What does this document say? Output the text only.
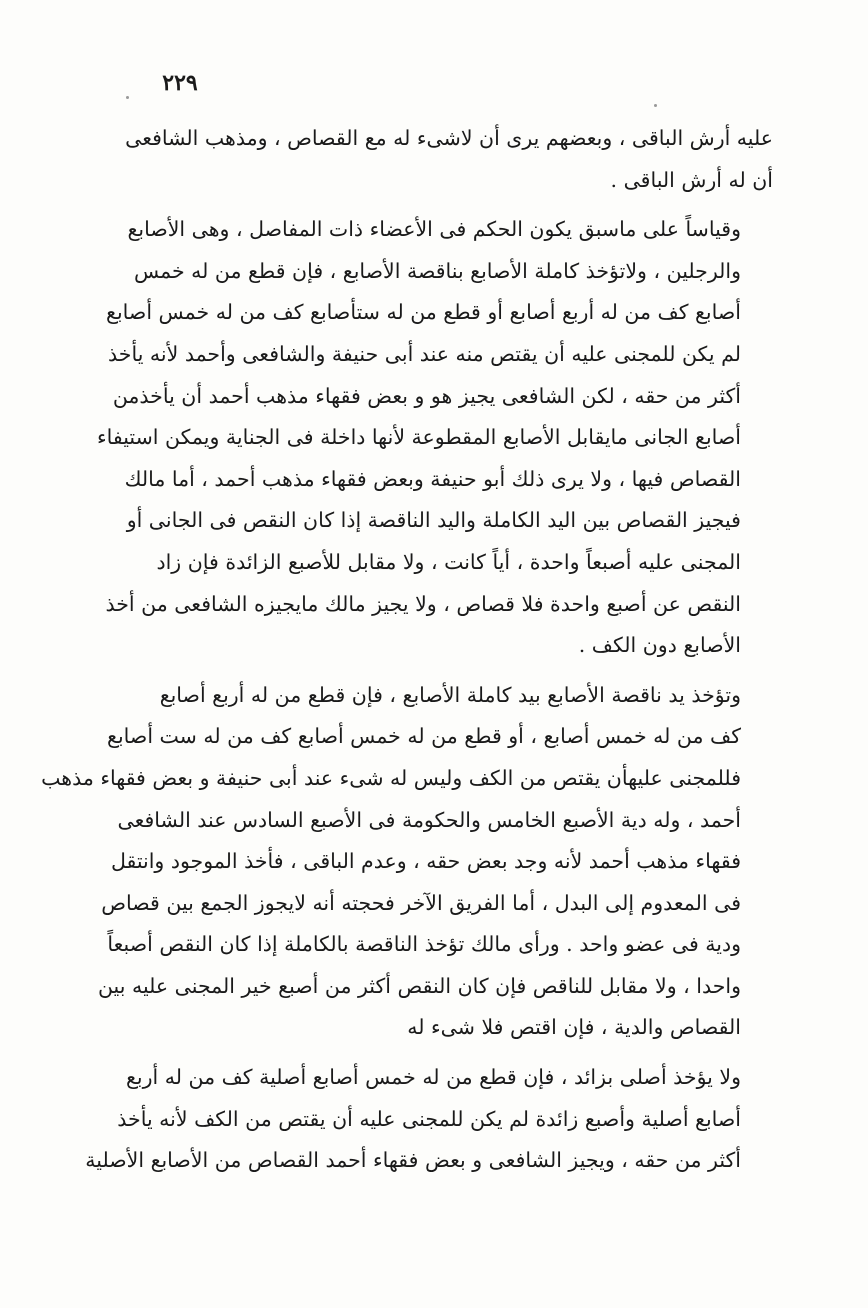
٢٢٩

عليه أرش الباقى ، وبعضهم يرى أن لاشىء له مع القصاص ، ومذهب الشافعى
أن له أرش الباقى .

وقياساً على ماسبق يكون الحكم فى الأعضاء ذات المفاصل ، وهى الأصابع
والرجلين ، ولاتؤخذ كاملة الأصابع بناقصة الأصابع ، فإن قطع من له خمس
أصابع كف من له أربع أصابع أو قطع من له ستأصابع كف من له خمس أصابع
لم يكن للمجنى عليه أن يقتص منه عند أبى حنيفة والشافعى وأحمد لأنه يأخذ
أكثر من حقه ، لكن الشافعى يجيز هو و بعض فقهاء مذهب أحمد أن يأخذمن
أصابع الجانى مايقابل الأصابع المقطوعة لأنها داخلة فى الجناية ويمكن استيفاء
القصاص فيها ، ولا يرى ذلك أبو حنيفة وبعض فقهاء مذهب أحمد ، أما مالك
فيجيز القصاص بين اليد الكاملة واليد الناقصة إذا كان النقص فى الجانى أو
المجنى عليه أصبعاً واحدة ، أياً كانت ، ولا مقابل للأصبع الزائدة فإن زاد
النقص عن أصبع واحدة فلا قصاص ، ولا يجيز مالك مايجيزه الشافعى من أخذ
الأصابع دون الكف .

وتؤخذ يد ناقصة الأصابع بيد كاملة الأصابع ، فإن قطع من له أربع أصابع
كف من له خمس أصابع ، أو قطع من له خمس أصابع كف من له ست أصابع
فللمجنى عليهأن يقتص من الكف وليس له شىء عند أبى حنيفة و بعض فقهاء مذهب
أحمد ، وله دية الأصبع الخامس والحكومة فى الأصبع السادس عند الشافعى
فقهاء مذهب أحمد لأنه وجد بعض حقه ، وعدم الباقى ، فأخذ الموجود وانتقل
فى المعدوم إلى البدل ، أما الفريق الآخر فحجته أنه لايجوز الجمع بين قصاص
ودية فى عضو واحد . ورأى مالك تؤخذ الناقصة بالكاملة إذا كان النقص أصبعاً
واحدا ، ولا مقابل للناقص فإن كان النقص أكثر من أصبع خير المجنى عليه بين
القصاص والدية ، فإن اقتص فلا شىء له

ولا يؤخذ أصلى بزائد ، فإن قطع من له خمس أصابع أصلية كف من له أربع
أصابع أصلية وأصبع زائدة لم يكن للمجنى عليه أن يقتص من الكف لأنه يأخذ
أكثر من حقه ، ويجيز الشافعى و بعض فقهاء أحمد القصاص من الأصابع الأصلية
